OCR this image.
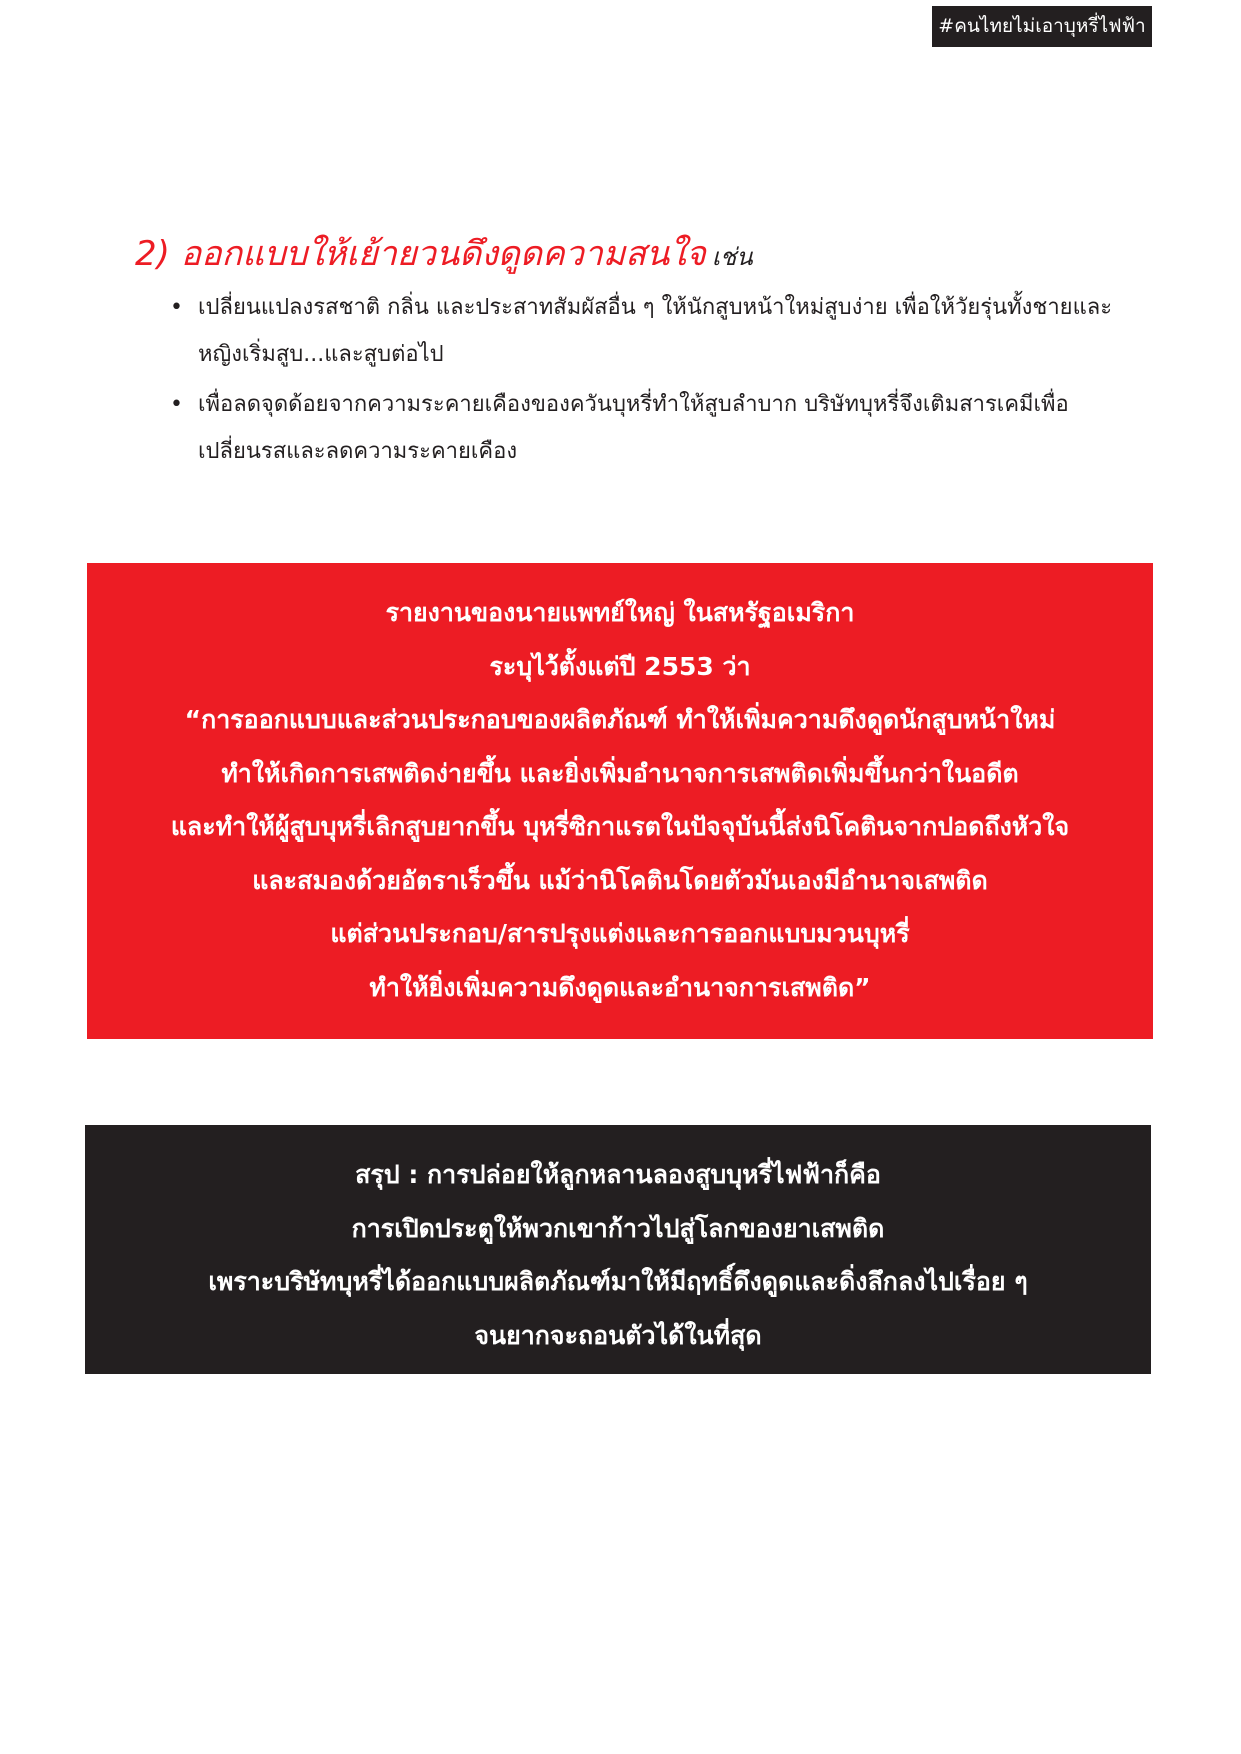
#คนไทยไม่เอาบุหรี่ไฟฟ้า
2) ออกแบบให้เย้ายวนดึงดูดความสนใจ เช่น
• เปลี่ยนแปลงรสชาติ กลิ่น และประสาทสัมผัสอื่น ๆ ให้นักสูบหน้าใหม่สูบง่าย เพื่อให้วัยรุ่นทั้งชายและ
หญิงเริ่มสูบ...และสูบต่อไป
• เพื่อลดจุดด้อยจากความระคายเคืองของควันบุหรี่ทำให้สูบลำบาก บริษัทบุหรี่จึงเติมสารเคมีเพื่อ
เปลี่ยนรสและลดความระคายเคือง
รายงานของนายแพทย์ใหญ่ ในสหรัฐอเมริกา
ระบุไว้ตั้งแต่ปี 2553 ว่า
“การออกแบบและส่วนประกอบของผลิตภัณฑ์ ทำให้เพิ่มความดึงดูดนักสูบหน้าใหม่
ทำให้เกิดการเสพติดง่ายขึ้น และยิ่งเพิ่มอำนาจการเสพติดเพิ่มขึ้นกว่าในอดีต
และทำให้ผู้สูบบุหรี่เลิกสูบยากขึ้น บุหรี่ซิกาแรตในปัจจุบันนี้ส่งนิโคตินจากปอดถึงหัวใจ
และสมองด้วยอัตราเร็วขึ้น แม้ว่านิโคตินโดยตัวมันเองมีอำนาจเสพติด
แต่ส่วนประกอบ/สารปรุงแต่งและการออกแบบมวนบุหรี่
ทำให้ยิ่งเพิ่มความดึงดูดและอำนาจการเสพติด”
สรุป : การปล่อยให้ลูกหลานลองสูบบุหรี่ไฟฟ้าก็คือ
การเปิดประตูให้พวกเขาก้าวไปสู่โลกของยาเสพติด
เพราะบริษัทบุหรี่ได้ออกแบบผลิตภัณฑ์มาให้มีฤทธิ์ดึงดูดและดิ่งลึกลงไปเรื่อย ๆ
จนยากจะถอนตัวได้ในที่สุด
